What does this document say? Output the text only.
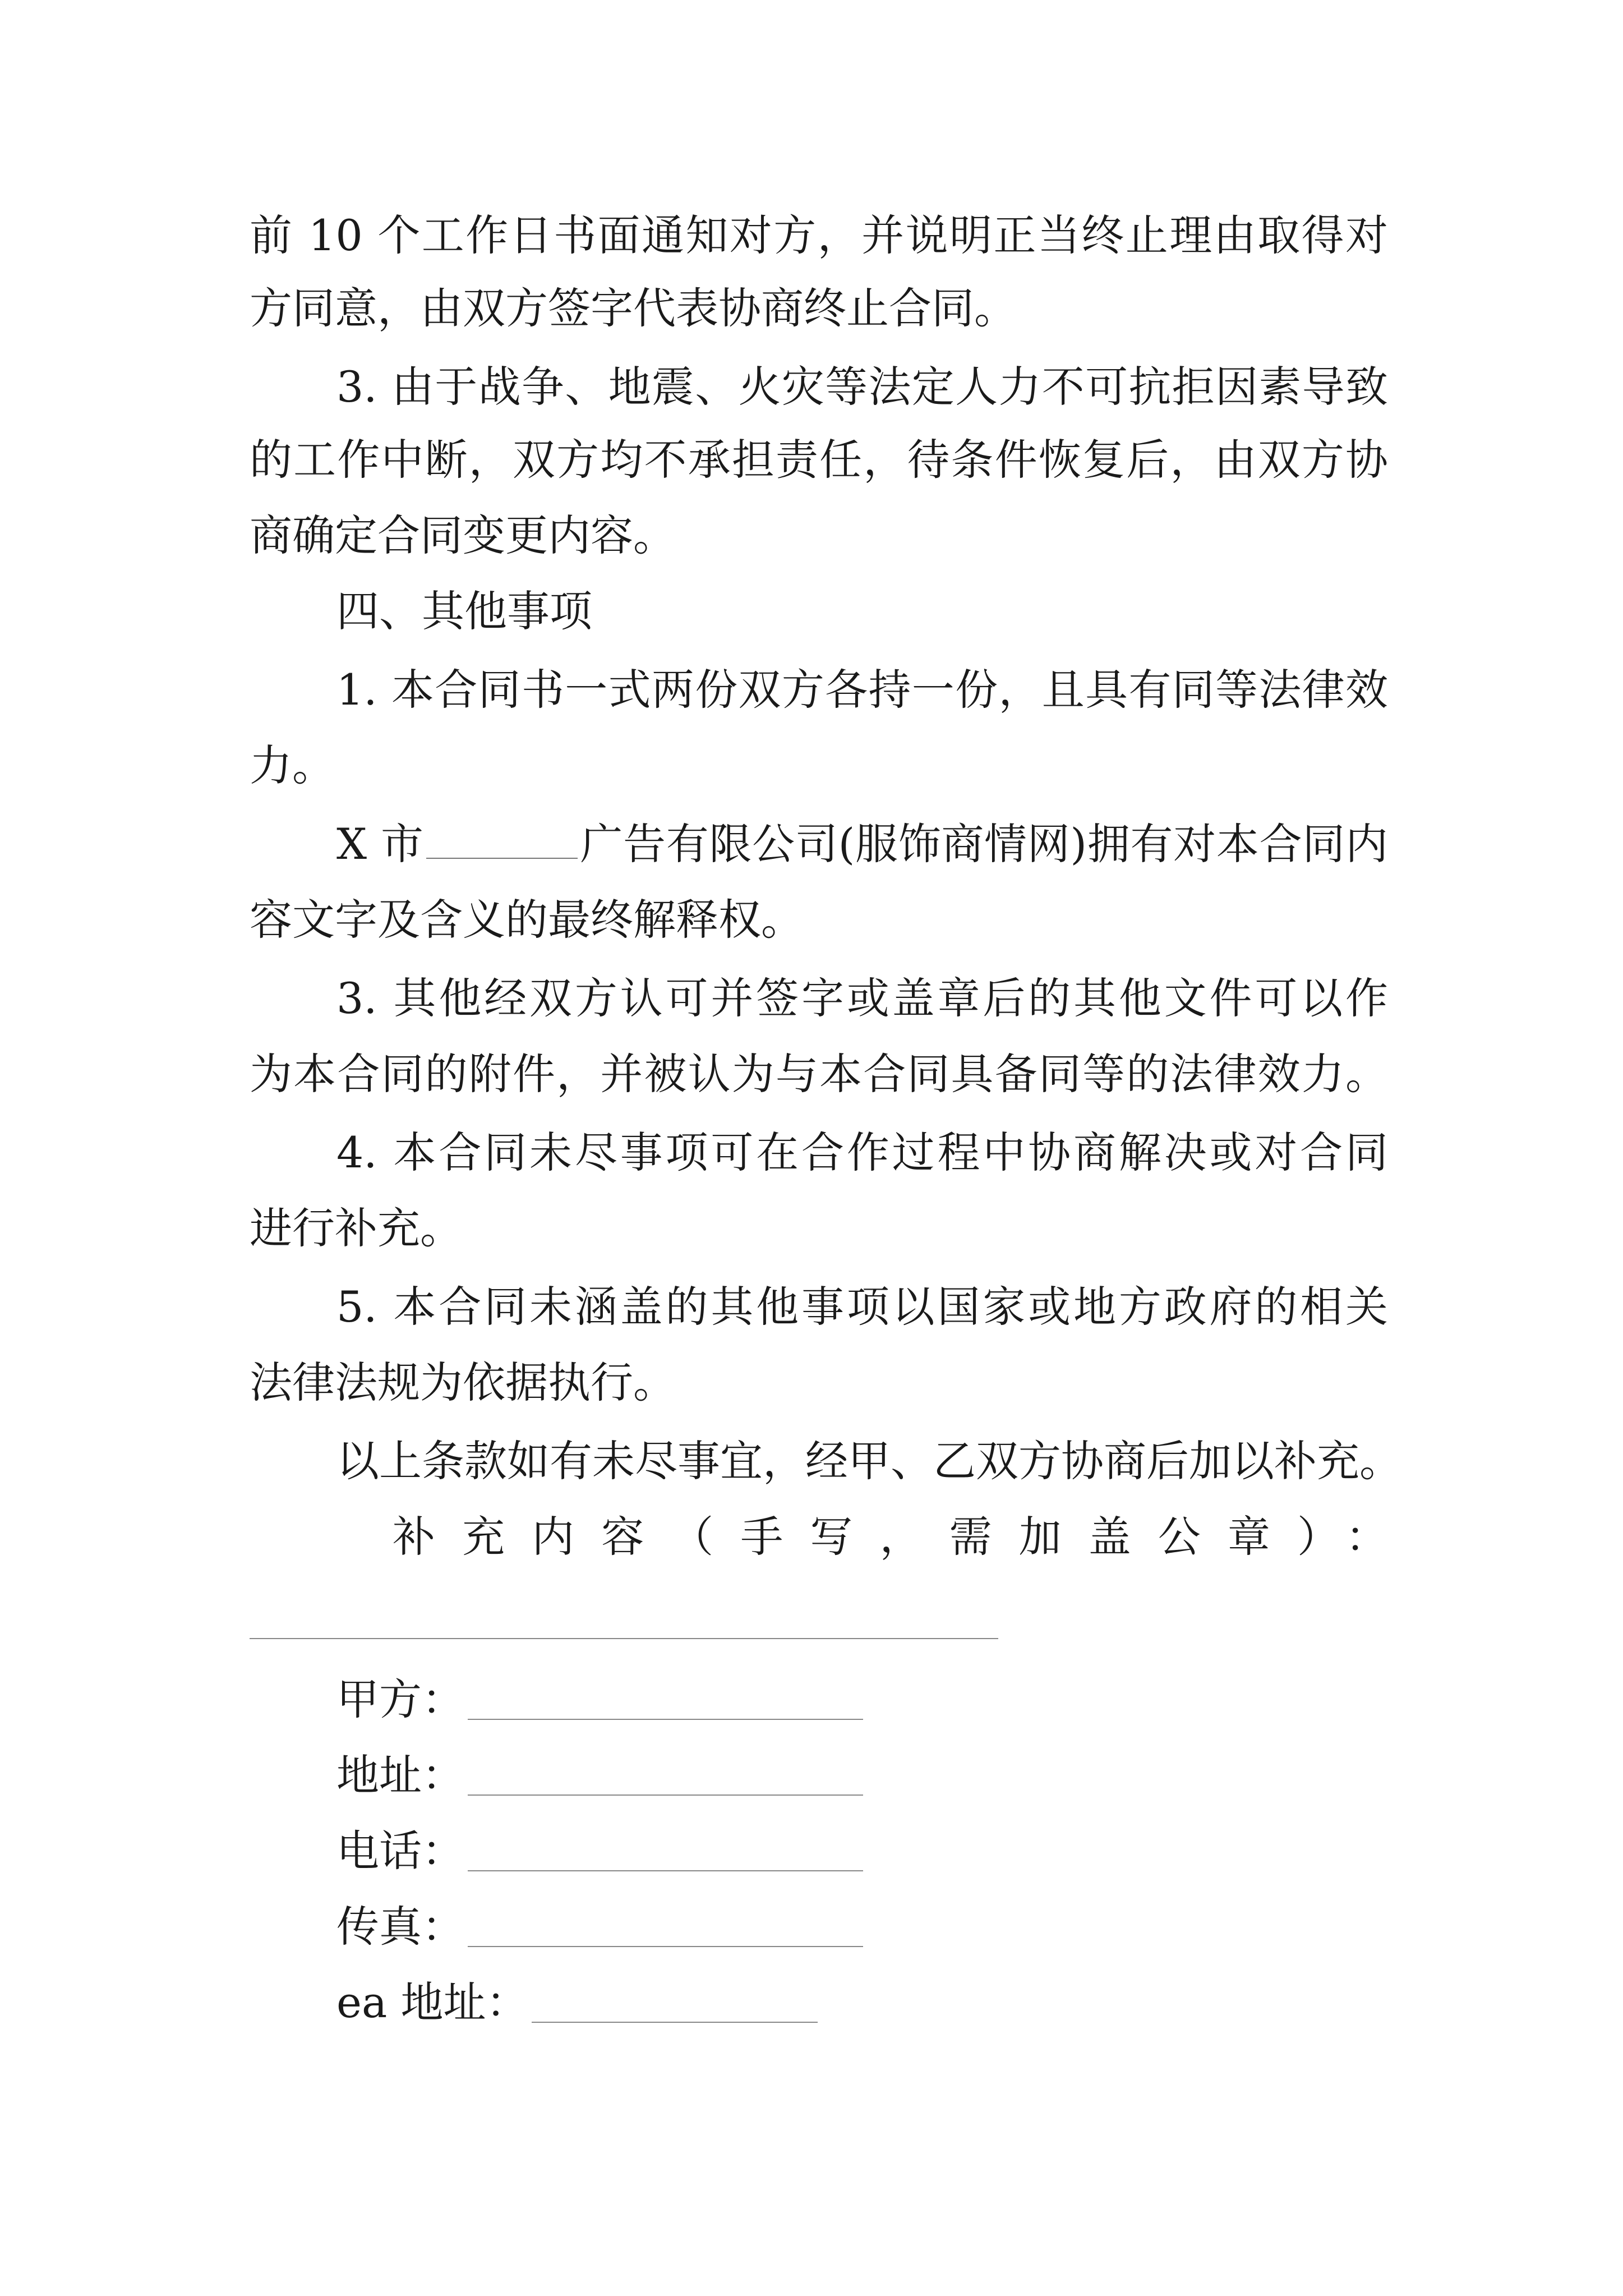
前 10 个工作日书面通知对方，并说明正当终止理由取得对
方同意，由双方签字代表协商终止合同。
3. 由于战争、地震、火灾等法定人力不可抗拒因素导致
的工作中断，双方均不承担责任，待条件恢复后，由双方协
商确定合同变更内容。
四、其他事项
1. 本合同书一式两份双方各持一份，且具有同等法律效
力。
X 市	广告有限公司(服饰商情网)拥有对本合同内
容文字及含义的最终解释权。
3. 其他经双方认可并签字或盖章后的其他文件可以作
为本合同的附件，并被认为与本合同具备同等的法律效力。
4. 本合同未尽事项可在合作过程中协商解决或对合同
进行补充。
5. 本合同未涵盖的其他事项以国家或地方政府的相关
法律法规为依据执行。
以上条款如有未尽事宜，经甲、乙双方协商后加以补充。
补充内容（手写，需加盖公章）：
甲方：
地址：
电话：
传真：
ea 地址：
